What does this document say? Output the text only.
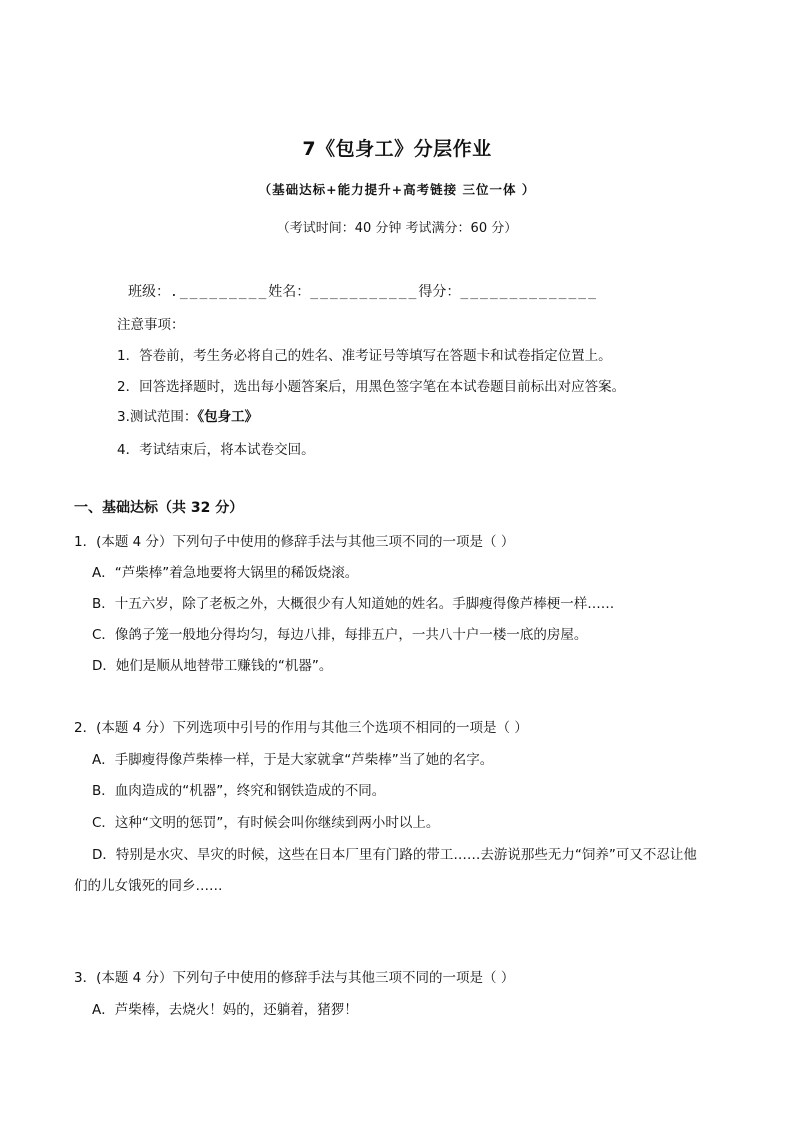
7《包身工》分层作业
（基础达标+能力提升+高考链接 三位一体 ）
（考试时间：40 分钟 考试满分：60 分）
班级：._________姓名：___________得分：______________
注意事项：
1．答卷前，考生务必将自己的姓名、准考证号等填写在答题卡和试卷指定位置上。
2．回答选择题时，选出每小题答案后，用黑色签字笔在本试卷题目前标出对应答案。
3.测试范围：《包身工》
4．考试结束后，将本试卷交回。
一、基础达标（共 32 分）
1．(本题 4 分）下列句子中使用的修辞手法与其他三项不同的一项是（ ）
A．“芦柴棒”着急地要将大锅里的稀饭烧滚。
B．十五六岁，除了老板之外，大概很少有人知道她的姓名。手脚瘦得像芦棒梗一样……
C．像鸽子笼一般地分得均匀，每边八排，每排五户，一共八十户一楼一底的房屋。
D．她们是顺从地替带工赚钱的“机器”。
2．(本题 4 分）下列选项中引号的作用与其他三个选项不相同的一项是（ ）
A．手脚瘦得像芦柴棒一样，于是大家就拿“芦柴棒”当了她的名字。
B．血肉造成的“机器”，终究和钢铁造成的不同。
C．这种“文明的惩罚”，有时候会叫你继续到两小时以上。
D．特别是水灾、旱灾的时候，这些在日本厂里有门路的带工……去游说那些无力“饲养”可又不忍让他
们的儿女饿死的同乡……
3．(本题 4 分）下列句子中使用的修辞手法与其他三项不同的一项是（ ）
A．芦柴棒，去烧火！妈的，还躺着，猪猡！
